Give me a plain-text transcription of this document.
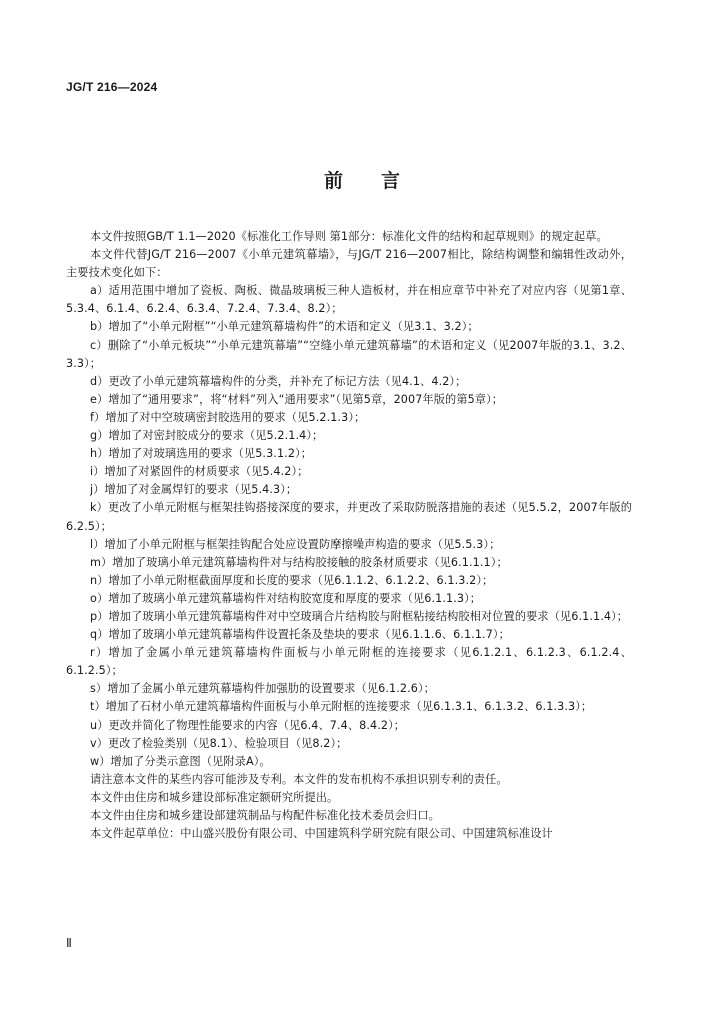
JG/T 216—2024
前 言

本文件按照GB/T 1.1—2020《标准化工作导则 第1部分：标准化文件的结构和起草规则》的规定起草。

本文件代替JG/T 216—2007《小单元建筑幕墙》，与JG/T 216—2007相比，除结构调整和编辑性改动外，主要技术变化如下：

a）适用范围中增加了瓷板、陶板、微晶玻璃板三种人造板材，并在相应章节中补充了对应内容（见第1章、5.3.4、6.1.4、6.2.4、6.3.4、7.2.4、7.3.4、8.2）；

b）增加了“小单元附框”“小单元建筑幕墙构件”的术语和定义（见3.1、3.2）；

c）删除了“小单元板块”“小单元建筑幕墙”“空缝小单元建筑幕墙”的术语和定义（见2007年版的3.1、3.2、3.3）；

d）更改了小单元建筑幕墙构件的分类，并补充了标记方法（见4.1、4.2）；

e）增加了“通用要求”，将“材料”列入“通用要求”（见第5章，2007年版的第5章）；

f）增加了对中空玻璃密封胶选用的要求（见5.2.1.3）；

g）增加了对密封胶成分的要求（见5.2.1.4）；

h）增加了对玻璃选用的要求（见5.3.1.2）；

i）增加了对紧固件的材质要求（见5.4.2）；

j）增加了对金属焊钉的要求（见5.4.3）；

k）更改了小单元附框与框架挂钩搭接深度的要求，并更改了采取防脱落措施的表述（见5.5.2，2007年版的6.2.5）；

l）增加了小单元附框与框架挂钩配合处应设置防摩擦噪声构造的要求（见5.5.3）；

m）增加了玻璃小单元建筑幕墙构件对与结构胶接触的胶条材质要求（见6.1.1.1）；

n）增加了小单元附框截面厚度和长度的要求（见6.1.1.2、6.1.2.2、6.1.3.2）；

o）增加了玻璃小单元建筑幕墙构件对结构胶宽度和厚度的要求（见6.1.1.3）；

p）增加了玻璃小单元建筑幕墙构件对中空玻璃合片结构胶与附框粘接结构胶相对位置的要求（见6.1.1.4）；

q）增加了玻璃小单元建筑幕墙构件设置托条及垫块的要求（见6.1.1.6、6.1.1.7）；

r）增加了金属小单元建筑幕墙构件面板与小单元附框的连接要求（见6.1.2.1、6.1.2.3、6.1.2.4、6.1.2.5）；

s）增加了金属小单元建筑幕墙构件加强肋的设置要求（见6.1.2.6）；

t）增加了石材小单元建筑幕墙构件面板与小单元附框的连接要求（见6.1.3.1、6.1.3.2、6.1.3.3）；

u）更改并简化了物理性能要求的内容（见6.4、7.4、8.4.2）；

v）更改了检验类别（见8.1）、检验项目（见8.2）；

w）增加了分类示意图（见附录A）。

请注意本文件的某些内容可能涉及专利。本文件的发布机构不承担识别专利的责任。

本文件由住房和城乡建设部标准定额研究所提出。

本文件由住房和城乡建设部建筑制品与构配件标准化技术委员会归口。

本文件起草单位：中山盛兴股份有限公司、中国建筑科学研究院有限公司、中国建筑标准设计

Ⅱ
